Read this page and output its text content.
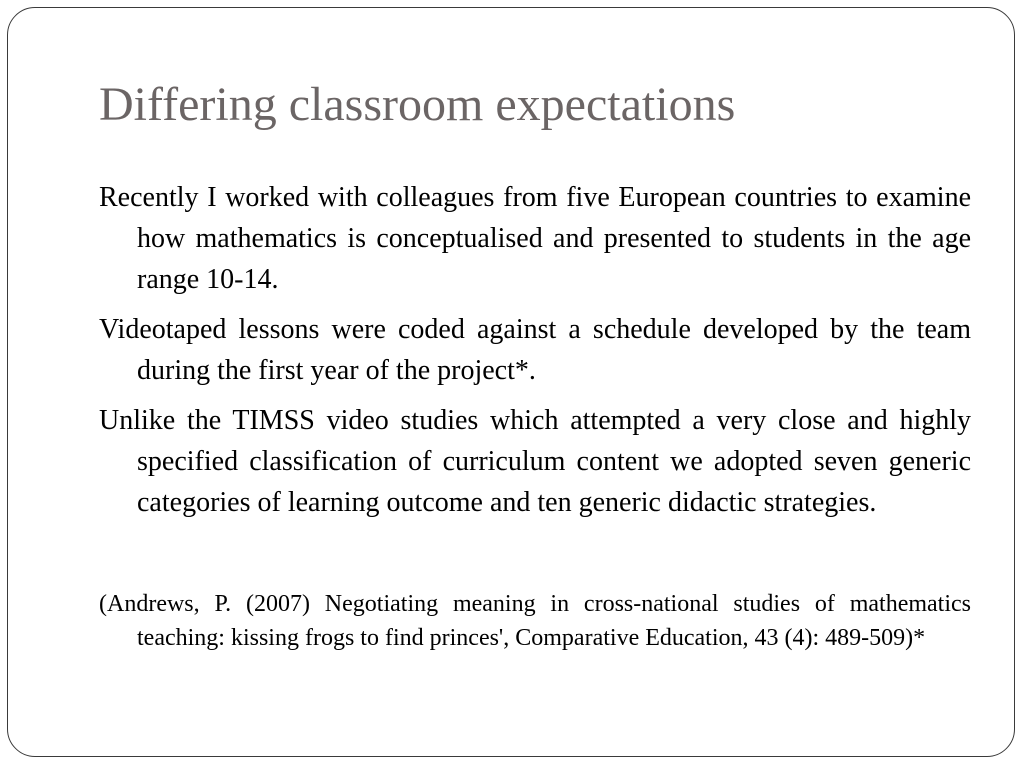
Differing classroom expectations

Recently I worked with colleagues from five European countries to examine how mathematics is conceptualised and presented to students in the age range 10-14.

Videotaped lessons were coded against a schedule developed by the team during the first year of the project*.

Unlike the TIMSS video studies which attempted a very close and highly specified classification of curriculum content we adopted seven generic categories of learning outcome and ten generic didactic strategies.

(Andrews, P. (2007) Negotiating meaning in cross-national studies of mathematics teaching: kissing frogs to find princes', Comparative Education, 43 (4): 489-509)*
